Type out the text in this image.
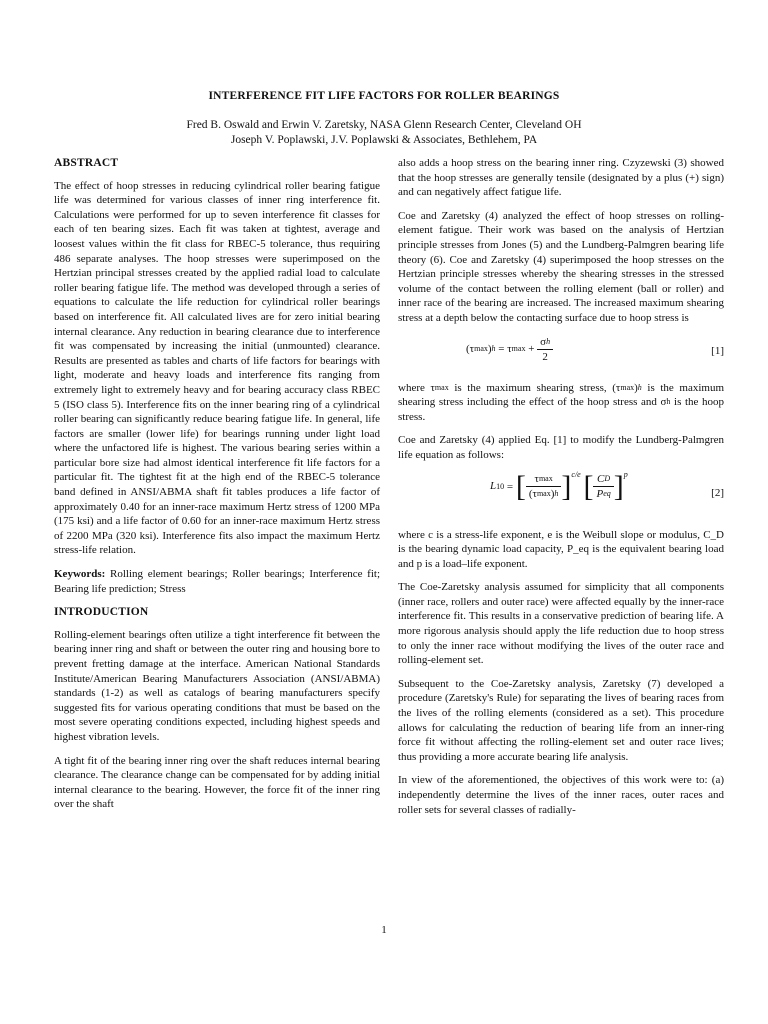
INTERFERENCE FIT LIFE FACTORS FOR ROLLER BEARINGS
Fred B. Oswald and Erwin V. Zaretsky, NASA Glenn Research Center, Cleveland OH
Joseph V. Poplawski, J.V. Poplawski & Associates, Bethlehem, PA
ABSTRACT

The effect of hoop stresses in reducing cylindrical roller bearing fatigue life was determined for various classes of inner ring interference fit. Calculations were performed for up to seven interference fit classes for each of ten bearing sizes. Each fit was taken at tightest, average and loosest values within the fit class for RBEC-5 tolerance, thus requiring 486 separate analyses. The hoop stresses were superimposed on the Hertzian principal stresses created by the applied radial load to calculate roller bearing fatigue life. The method was developed through a series of equations to calculate the life reduction for cylindrical roller bearings based on interference fit. All calculated lives are for zero initial bearing internal clearance. Any reduction in bearing clearance due to interference fit was compensated by increasing the initial (unmounted) clearance. Results are presented as tables and charts of life factors for bearings with light, moderate and heavy loads and interference fits ranging from extremely light to extremely heavy and for bearing accuracy class RBEC 5 (ISO class 5). Interference fits on the inner bearing ring of a cylindrical roller bearing can significantly reduce bearing fatigue life. In general, life factors are smaller (lower life) for bearings running under light load where the unfactored life is highest. The various bearing series within a particular bore size had almost identical interference fit life factors for a particular fit. The tightest fit at the high end of the RBEC-5 tolerance band defined in ANSI/ABMA shaft fit tables produces a life factor of approximately 0.40 for an inner-race maximum Hertz stress of 1200 MPa (175 ksi) and a life factor of 0.60 for an inner-race maximum Hertz stress of 2200 MPa (320 ksi). Interference fits also impact the maximum Hertz stress-life relation.

Keywords: Rolling element bearings; Roller bearings; Interference fit; Bearing life prediction; Stress

INTRODUCTION

Rolling-element bearings often utilize a tight interference fit between the bearing inner ring and shaft or between the outer ring and housing bore to prevent fretting damage at the interface. American National Standards Institute/American Bearing Manufacturers Association (ANSI/ABMA) standards (1-2) as well as catalogs of bearing manufacturers specify suggested fits for various operating conditions that must be based on the most severe operating conditions expected, including highest speeds and highest vibration levels.

A tight fit of the bearing inner ring over the shaft reduces internal bearing clearance. The clearance change can be compensated for by adding initial internal clearance to the bearing. However, the force fit of the inner ring over the shaft

also adds a hoop stress on the bearing inner ring. Czyzewski (3) showed that the hoop stresses are generally tensile (designated by a plus (+) sign) and can negatively affect fatigue life.

Coe and Zaretsky (4) analyzed the effect of hoop stresses on rolling-element fatigue. Their work was based on the analysis of Hertzian principle stresses from Jones (5) and the Lundberg-Palmgren bearing life theory (6). Coe and Zaretsky (4) superimposed the hoop stresses on the Hertzian principle stresses whereby the shearing stresses in the stressed volume of the contact between the rolling element (ball or roller) and inner race of the bearing are increased. The increased maximum shearing stress at a depth below the contacting surface due to hoop stress is

$(\tau\max)h = \tau\max + \frac{\sigma h}{2}$	[1]

where τmax is the maximum shearing stress, (τmax)h is the maximum shearing stress including the effect of the hoop stress and σh is the hoop stress.

Coe and Zaretsky (4) applied Eq. [1] to modify the Lundberg-Palmgren life equation as follows:

L10 = [ $\frac{\tau\max}{(\tau\max)h} ]^{c/e}$ [ $\frac{CD}{\text{Peq}} ]^p$
[2]

where c is a stress-life exponent, e is the Weibull slope or modulus, C_D is the bearing dynamic load capacity, P_eq is the equivalent bearing load and p is a load–life exponent.

The Coe-Zaretsky analysis assumed for simplicity that all components (inner race, rollers and outer race) were affected equally by the inner-race interference fit. This results in a conservative prediction of bearing life. A more rigorous analysis should apply the life reduction due to hoop stress to only the inner race without modifying the lives of the outer race and rolling-element set.

Subsequent to the Coe-Zaretsky analysis, Zaretsky (7) developed a procedure (Zaretsky's Rule) for separating the lives of bearing races from the lives of the rolling elements (considered as a set). This procedure allows for calculating the reduction of bearing life from an inner-ring force fit without affecting the rolling-element set and outer race lives; thus providing a more accurate bearing life analysis.

In view of the aforementioned, the objectives of this work were to: (a) independently determine the lives of the inner races, outer races and roller sets for several classes of radially-

1
